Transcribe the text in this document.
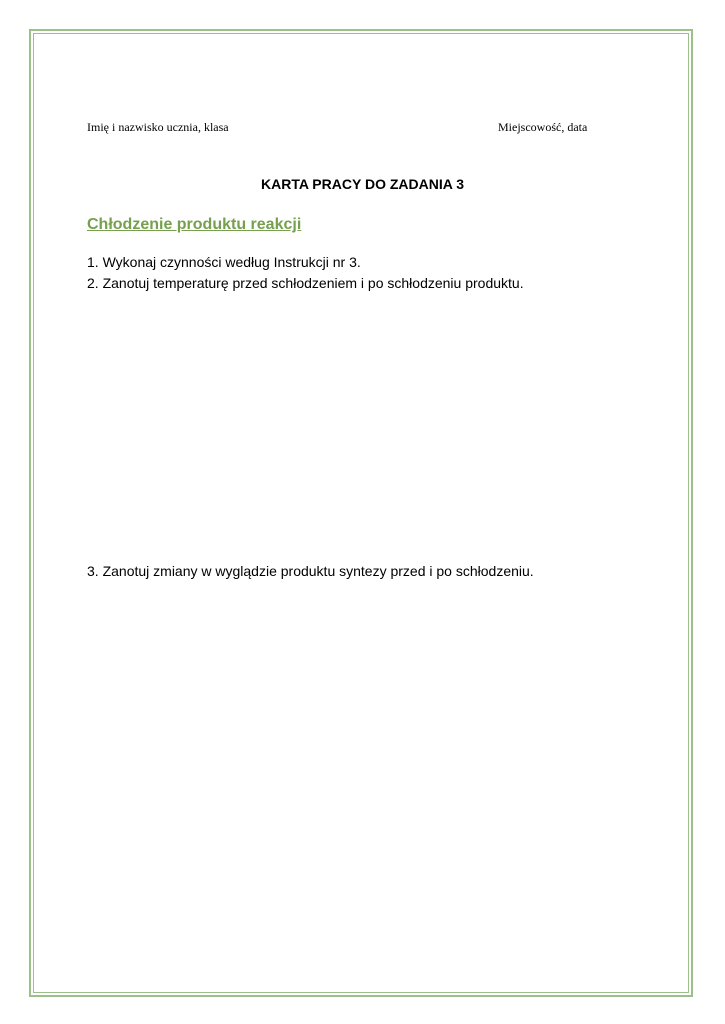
Imię i nazwisko ucznia, klasa	Miejscowość, data
KARTA PRACY DO ZADANIA 3
Chłodzenie produktu reakcji
1. Wykonaj czynności według Instrukcji nr 3.
2. Zanotuj temperaturę przed schłodzeniem i po schłodzeniu produktu.
3. Zanotuj zmiany w wyglądzie produktu syntezy przed i po schłodzeniu.
